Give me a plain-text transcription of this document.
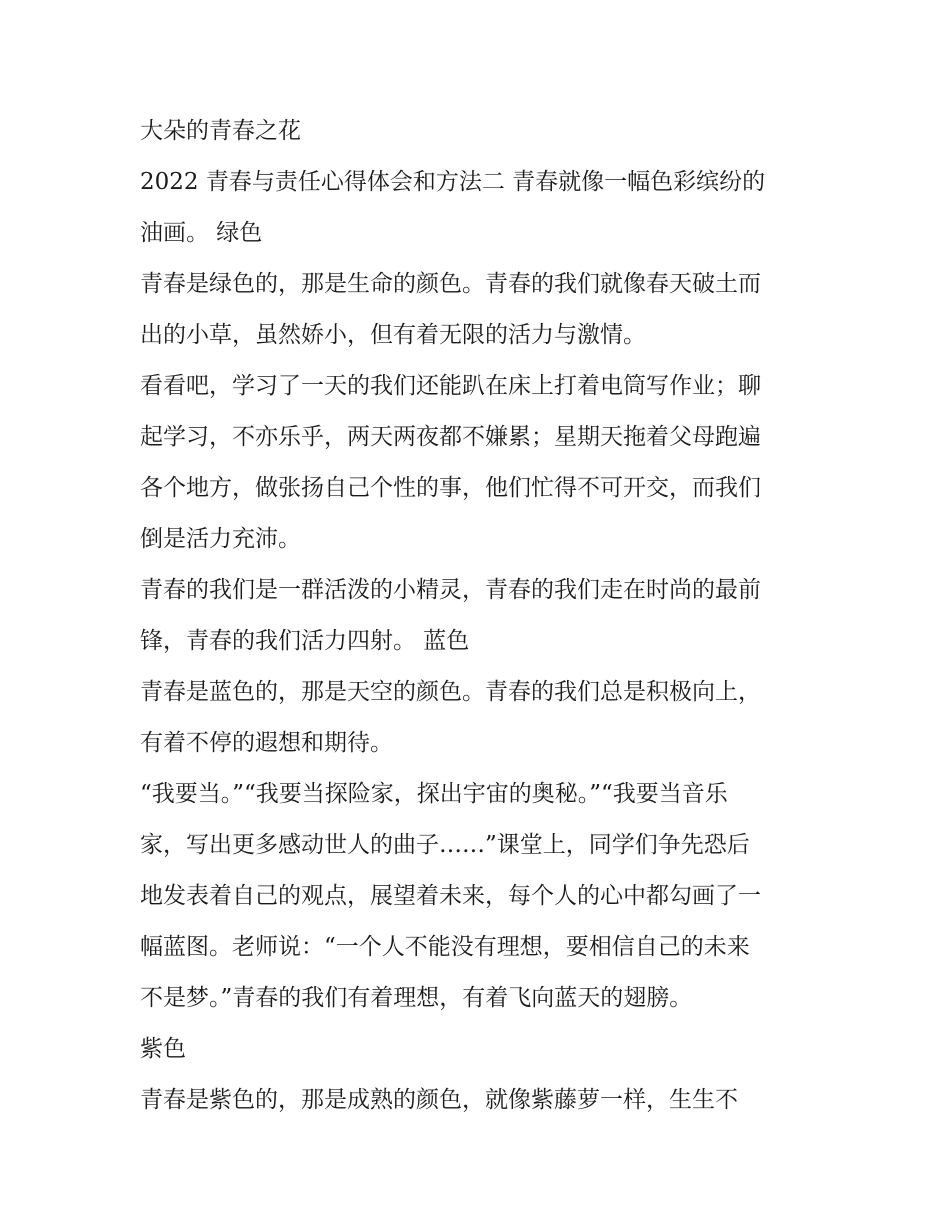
大朵的青春之花
2022 青春与责任心得体会和方法二 青春就像一幅色彩缤纷的
油画。 绿色
青春是绿色的，那是生命的颜色。青春的我们就像春天破土而
出的小草，虽然娇小，但有着无限的活力与激情。
看看吧，学习了一天的我们还能趴在床上打着电筒写作业；聊
起学习，不亦乐乎，两天两夜都不嫌累；星期天拖着父母跑遍
各个地方，做张扬自己个性的事，他们忙得不可开交，而我们
倒是活力充沛。
青春的我们是一群活泼的小精灵，青春的我们走在时尚的最前
锋，青春的我们活力四射。 蓝色
青春是蓝色的，那是天空的颜色。青春的我们总是积极向上，
有着不停的遐想和期待。
“我要当。”“我要当探险家，探出宇宙的奥秘。”“我要当音乐
家，写出更多感动世人的曲子……”课堂上，同学们争先恐后
地发表着自己的观点，展望着未来，每个人的心中都勾画了一
幅蓝图。老师说：“一个人不能没有理想，要相信自己的未来
不是梦。”青春的我们有着理想，有着飞向蓝天的翅膀。
紫色
青春是紫色的，那是成熟的颜色，就像紫藤萝一样，生生不
